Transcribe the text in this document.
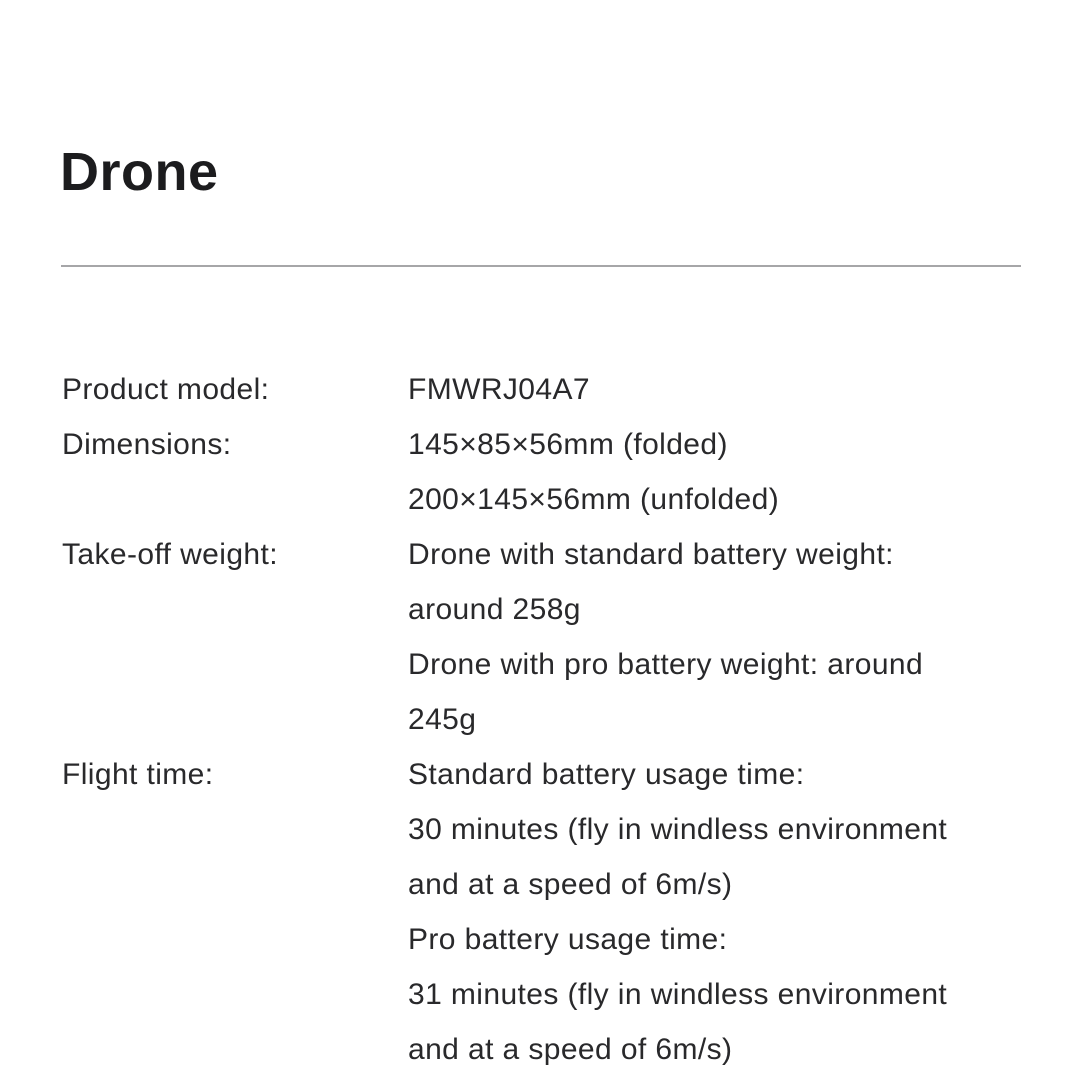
Drone
Product model:	FMWRJ04A7
Dimensions:	145×85×56mm (folded)
200×145×56mm (unfolded)
Take-off weight:	Drone with standard battery weight:
around 258g
Drone with pro battery weight: around
245g
Flight time:	Standard battery usage time:
30 minutes (fly in windless environment
and at a speed of 6m/s)
Pro battery usage time:
31 minutes (fly in windless environment
and at a speed of 6m/s)
